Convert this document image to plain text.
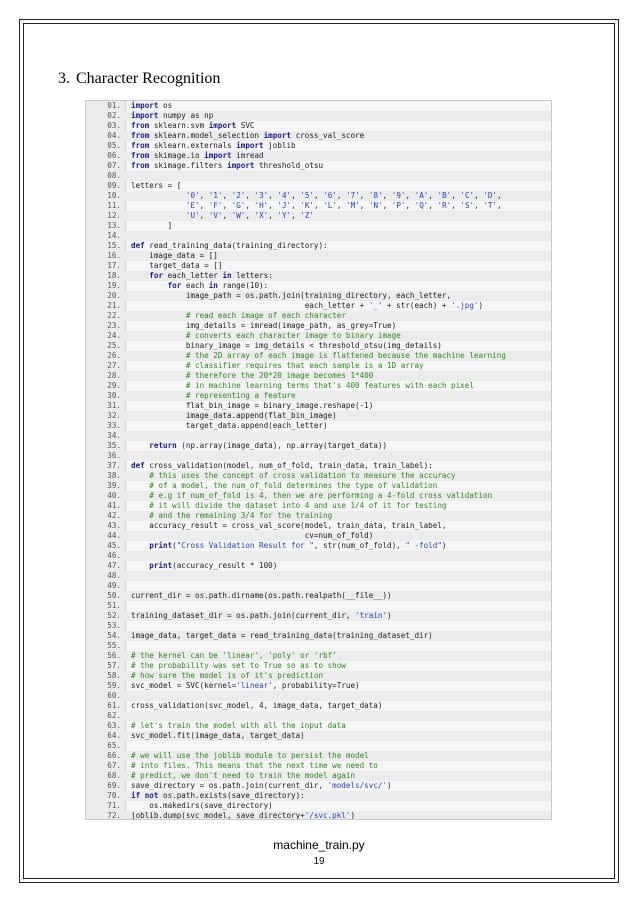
3. Character Recognition
01. import os
02. import numpy as np
03. from sklearn.svm import SVC
04. from sklearn.model_selection import cross_val_score
05. from sklearn.externals import joblib
06. from skimage.io import imread
07. from skimage.filters import threshold_otsu
08.
09. letters = [
10.	'0', '1', '2', '3', '4', '5', '6', '7', '8', '9', 'A', 'B', 'C', 'D',
11.	'E', 'F', 'G', 'H', 'J', 'K', 'L', 'M', 'N', 'P', 'Q', 'R', 'S', 'T',
12.	'U', 'V', 'W', 'X', 'Y', 'Z'
13. ]
14.
15. def read_training_data(training_directory):
16. image_data = []
17. target_data = []
18.	for each_letter in letters:
19.	for each in range(10):
20. image_path = os.path.join(training_directory, each_letter,
21. each_letter + '_' + str(each) + '.jpg')
22.	# read each image of each character
23. img_details = imread(image_path, as_grey=True)
24.	# converts each character image to binary image
25. binary_image = img_details < threshold_otsu(img_details)
26.	# the 2D array of each image is flattened because the machine learning
27.	# classifier requires that each sample is a 1D array
28.	# therefore the 20*20 image becomes 1*400
29.	# in machine learning terms that's 400 features with each pixel
30.	# representing a feature
31. flat_bin_image = binary_image.reshape(-1)
32. image_data.append(flat_bin_image)
33. target_data.append(each_letter)
34.
35.	return (np.array(image_data), np.array(target_data))
36.
37. def cross_validation(model, num_of_fold, train_data, train_label):
38.	# this uses the concept of cross validation to measure the accuracy
39.	# of a model, the num_of_fold determines the type of validation
40.	# e.g if num_of_fold is 4, then we are performing a 4-fold cross validation
41.	# it will divide the dataset into 4 and use 1/4 of it for testing
42.	# and the remaining 3/4 for the training
43. accuracy_result = cross_val_score(model, train_data, train_label,
44. cv=num_of_fold)
45.	print("Cross Validation Result for ", str(num_of_fold), " -fold")
46.
47.	print(accuracy_result * 100)
48.
49.
50. current_dir = os.path.dirname(os.path.realpath(__file__))
51.
52. training_dataset_dir = os.path.join(current_dir, 'train')
53.
54. image_data, target_data = read_training_data(training_dataset_dir)
55.
56. # the kernel can be 'linear', 'poly' or 'rbf'
57. # the probability was set to True so as to show
58. # how sure the model is of it's prediction
59. svc_model = SVC(kernel='linear', probability=True)
60.
61. cross_validation(svc_model, 4, image_data, target_data)
62.
63. # let's train the model with all the input data
64. svc_model.fit(image_data, target_data)
65.
66. # we will use the joblib module to persist the model
67. # into files. This means that the next time we need to
68. # predict, we don't need to train the model again
69. save_directory = os.path.join(current_dir, 'models/svc/')
70. if not os.path.exists(save_directory):
71. os.makedirs(save_directory)
72. joblib.dump(svc_model, save_directory+'/svc.pkl')
machine_train.py
19
